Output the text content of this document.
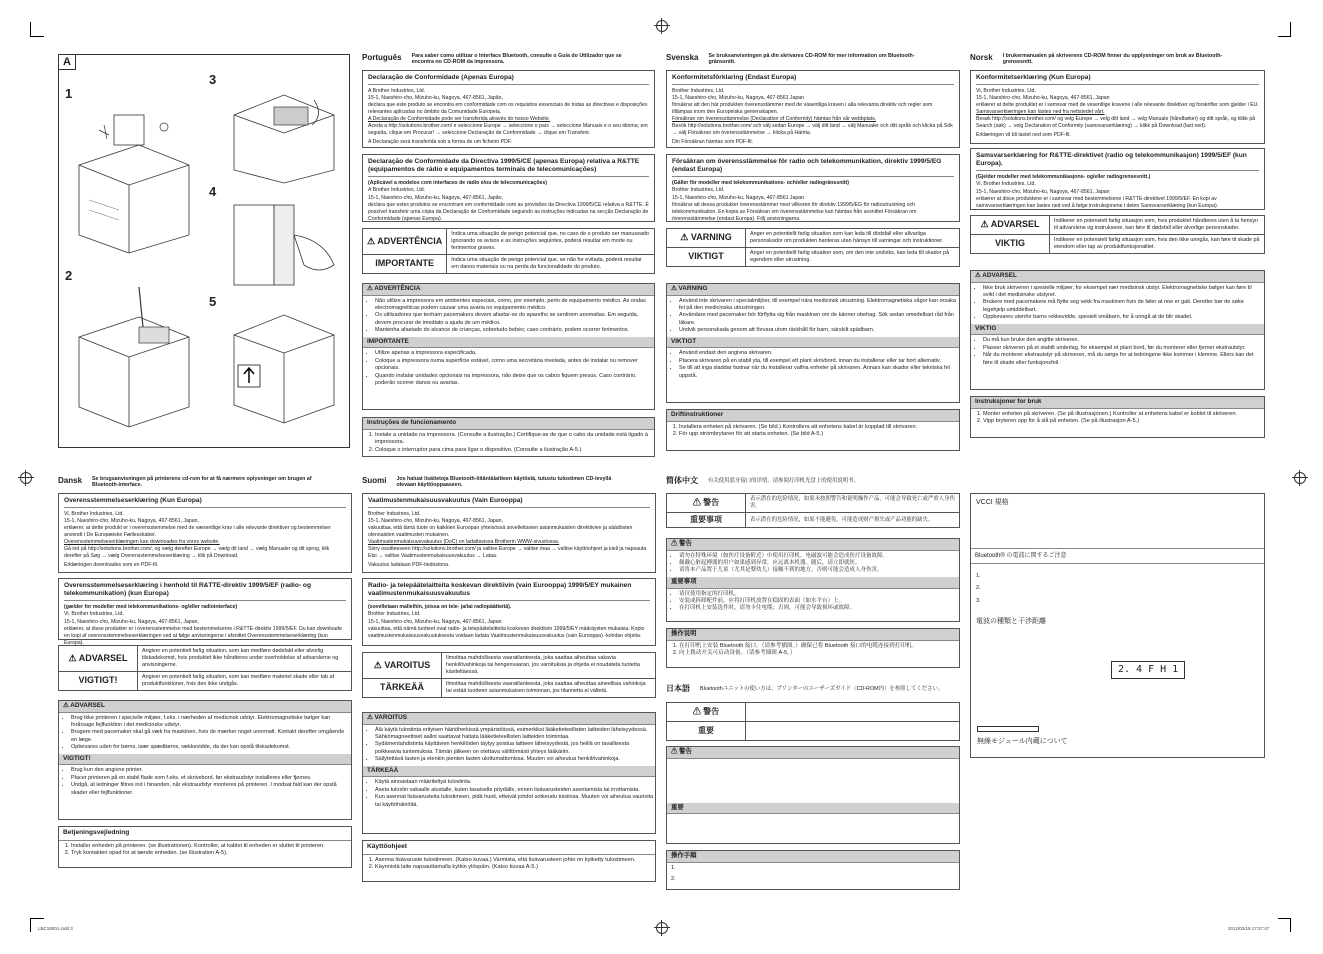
A
1
2
3
4
5
Português Para saber como utilizar o Interface Bluetooth, consulte o Guia do Utilizador que se encontra no CD-ROM da impressora.
Declaração de Conformidade (Apenas Europa)

A Brother Industries, Ltd.

15-1, Naeshiro-cho, Mizuho-ku, Nagoya, 467-8561, Japão,

declara que este produto se encontra em conformidade com os requisitos essenciais de todas as directivas e disposições relevantes aplicadas no âmbito da Comunidade Europeia.

A Declaração de Conformidade pode ser transferida através do nosso Website.

Aceda a http://solutions.brother.com/ e seleccione Europe → seleccione o país → seleccione Manuais e o seu idioma; em seguida, clique em Procurar! → seleccione Declaração de Conformidade → clique em Transferir.

A Declaração será transferida sob a forma de um ficheiro PDF.

Declaração de Conformidade da Directiva 1999/5/CE (apenas Europa) relativa a R&TTE (equipamentos de rádio e equipamentos terminais de telecomunicações)

(Aplicável a modelos com interfaces de rádio e/ou de telecomunicações)

A Brother Industries, Ltd.

15-1, Naeshiro-cho, Mizuho-ku, Nagoya, 467-8561, Japão,

declara que estes produtos se encontram em conformidade com as provisões da Directiva 1999/5/CE relativa a R&TTE. É possível transferir uma cópia da Declaração de Conformidade seguindo as instruções indicadas na secção Declaração de Conformidade (apenas Europa).

⚠ ADVERTÊNCIA	Indica uma situação de perigo potencial que, no caso de o produto ser manuseado ignorando os avisos e as instruções seguintes, poderá resultar em morte ou ferimentos graves.
IMPORTANTE	Indica uma situação de perigo potencial que, se não for evitada, poderá resultar em danos materiais ou na perda da funcionalidade do produto.
⚠ ADVERTÊNCIA
• Não utilize a impressora em ambientes especiais, como, por exemplo, perto de equipamento médico. As ondas electromagnéticas podem causar uma avaria no equipamento médico.
• Os utilizadores que tenham pacemakers devem afastar-se do aparelho se sentirem anomalias. Em seguida, devem procurar de imediato a ajuda de um médico.
• Mantenha afastado do alcance de crianças, sobretudo bebés; caso contrário, podem ocorrer ferimentos.
IMPORTANTE
• Utilize apenas a impressora especificada.
• Coloque a impressora numa superfície estável, como uma secretária nivelada, antes de instalar ou remover opcionais.
• Quando instalar unidades opcionais na impressora, não deixe que os cabos fiquem presos. Caso contrário, poderão ocorrer danos ou avarias.
Instruções de funcionamento
1. Instale a unidade na impressora. (Consulte a ilustração.) Certifique-se de que o cabo da unidade está ligado à impressora.
2. Coloque o interruptor para cima para ligar o dispositivo. (Consulte a ilustração A-5.)
Svenska Se bruksanvisningen på din skrivares CD-ROM för mer information om Bluetooth-gränssnitt.
Konformitetsförklaring (Endast Europa)

Brother Industries, Ltd.

15-1, Naeshiro-cho, Mizuho-ku, Nagoya, 467-8561 Japan

försäkrar att den här produkten överensstämmer med de väsentliga kraven i alla relevanta direktiv och regler som tillämpas inom den Europeiska gemenskapen.

Försäkran om överensstämmelse (Declaration of Conformity) hämtas från vår webbplats.

Besök http://solutions.brother.com/ och välj sedan Europe → välj ditt land → välj Manualer och ditt språk och klicka på Sök → välj Försäkran om överensstämmelse → klicka på Hämta.

Din Försäkran hämtas som PDF-fil.

Försäkran om överensstämmelse för radio och telekommunikation, direktiv 1999/5/EG (endast Europa)

(Gäller för modeller med telekommunikations- och/eller radiogränssnitt)

Brother Industries, Ltd.

15-1, Naeshiro-cho, Mizuho-ku, Nagoya, 467-8561 Japan

försäkrar att dessa produkter överensstämmer med villkoren för direktiv 1999/5/EG för radioutrustning och telekommunikation. En kopia av Försäkran om överensstämmelse kan hämtas från avsnittet Försäkran om överensstämmelse (endast Europa). Följ anvisningarna.

⚠ VARNING	Anger en potentiellt farlig situation som kan leda till dödsfall eller allvarliga personskador om produkten hanteras utan hänsyn till varningar och instruktioner.
VIKTIGT	Anger en potentiellt farlig situation som, om den inte undviks, kan leda till skador på egendom eller utrustning.
⚠ VARNING
• Använd inte skrivaren i specialmiljöer, till exempel nära medicinsk utrustning. Elektromagnetiska vågor kan orsaka fel på den medicinska utrustningen.
• Användare med pacemaker bör förflytta sig från maskinen om de känner obehag. Sök sedan omedelbart råd från läkare.
• Undvik personskada genom att förvara utom räckhåll för barn, särskilt spädbarn.
VIKTIGT
• Använd endast den angivna skrivaren.
• Placera skrivaren på en stabil yta, till exempel ett plant skrivbord, innan du installerar eller tar bort alternativ.
• Se till att inga sladdar fastnar när du installerar valfria enheter på skrivaren. Annars kan skador eller tekniska fel uppstå.
Driftinstruktioner
1. Installera enheten på skrivaren. (Se bild.) Kontrollera att enhetens kabel är kopplad till skrivaren.
2. För upp strömbrytaren för att starta enheten. (Se bild A-5.)
Norsk I brukermanualen på skriverens CD-ROM finner du opplysninger om bruk av Bluetooth-grensesnitt.
Konformitetserklæring (Kun Europa)

Vi, Brother Industries, Ltd.

15-1, Naeshiro-cho, Mizuho-ku, Nagoya, 467-8561, Japan

erklærer at dette produktet er i samsvar med de vesentlige kravene i alle relevante direktiver og forskrifter som gjelder i EU.

Samsvarserklæringen kan lastes ned fra nettstedet vårt.

Besøk http://solutions.brother.com/ og velg Europe → velg ditt land → velg Manuale (håndbøker) og ditt språk, og klikk på Search (søk) → velg Declaration of Conformity (samsvarserklæring) → klikk på Download (last ned).

Erklæringen vil bli lastet ned som PDF-fil.

Samsvarserklæring for R&TTE-direktivet (radio og telekommunikasjon) 1999/5/EF (kun Europa).

(Gjelder modeller med telekommunikasjons- og/eller radiogrensesnitt.)

Vi, Brother Industries, Ltd.

15-1, Naeshiro-cho, Mizuho-ku, Nagoya, 467-8561, Japan

erklærer at disse produktene er i samsvar med bestemmelsene i R&TTE-direktivet 1999/5/EF. En kopi av samsvarserklæringen kan lastes ned ved å følge instruksjonene i delen Samsvarserklæring (kun Europa).

⚠ ADVARSEL	Indikerer en potensielt farlig situasjon som, hvis produktet håndteres uten å ta hensyn til advarslene og instruksene, kan føre til dødsfall eller alvorlige personskader.
VIKTIG	Indikerer en potensielt farlig situasjon som, hvis den ikke unngås, kan føre til skade på eiendom eller tap av produktfunksjonalitet.
⚠ ADVARSEL
• Ikke bruk skriveren i spesielle miljøer, for eksempel nær medisinsk utstyr. Elektromagnetiske bølger kan føre til svikt i det medisinske utstyret.
• Brukere med pacemakere må flytte seg vekk fra maskinen hvis de føler at noe er galt. Deretter bør de søke legehjelp umiddelbart.
• Oppbevares utenfor barns rekkevidde, spesielt småbarn, for å unngå at de blir skadet.
VIKTIG
• Du må kun bruke den angitte skriveren.
• Plasser skriveren på et stabilt underlag, for eksempel et plant bord, før du monterer eller fjerner ekstrautstyr.
• Når du monterer ekstrautstyr på skriveren, må du sørge for at ledningene ikke kommer i klemme. Ellers kan det føre til skade eller funksjonsfeil.
Instruksjoner for bruk
1. Monter enheten på skriveren. (Se på illustrasjonen.) Kontroller at enhetens kabel er koblet til skriveren.
2. Vipp bryteren opp for å slå på enheten. (Se på illustrasjon A-5.)
Dansk Se brugsanvisningen på printerens cd-rom for at få nærmere oplysninger om brugen af Bluetooth-interface.
Overensstemmelseserklæring (Kun Europa)

Vi, Brother Industries, Ltd.

15-1, Naeshiro-cho, Mizuho-ku, Nagoya, 467-8561, Japan,

erklærer, at dette produkt er i overensstemmelse med de væsentlige krav i alle relevante direktiver og bestemmelser anvendt i De Europæiske Fællesskaber.

Overensstemmelseserklæringen kan downloades fra vores website.

Gå ind på http://solutions.brother.com/, og vælg derefter Europe → vælg dit land → vælg Manualer og dit sprog, klik derefter på Søg → vælg Overensstemmelseserklæring → klik på Download.

Erklæringen downloades som en PDF-fil.

Overensstemmelseserklæring i henhold til R&TTE-direktiv 1999/5/EF (radio- og telekommunikation) (kun Europa)

(gælder for modeller med telekommunikations- og/eller radiointerface)

Vi, Brother Industries, Ltd.

15-1, Naeshiro-cho, Mizuho-ku, Nagoya, 467-8561, Japan,

erklærer, at disse produkter er i overensstemmelse med bestemmelserne i R&TTE-direktiv 1999/5/EF. Du kan downloade en kopi af overensstemmelseserklæringen ved at følge anvisningerne i afsnittet Overensstemmelseserklæring (kun Europa).

⚠ ADVARSEL	Angiver en potentielt farlig situation, som kan medføre dødsfald eller alvorlig tilskadekomst, hvis produktet ikke håndteres under overholdelse af advarslerne og anvisningerne.
VIGTIGT!	Angiver en potentielt farlig situation, som kan medføre materiel skade eller tab af produktfunktioner, hvis den ikke undgås.
⚠ ADVARSEL
• Brug ikke printeren i specielle miljøer, f.eks. i nærheden af medicinsk udstyr. Elektromagnetiske bølger kan forårsage fejlfunktion i det medicinske udstyr.
• Brugere med pacemaker skal gå væk fra maskinen, hvis de mærker noget unormalt. Kontakt derefter omgående en læge.
• Opbevares uden for børns, især spædbørns, rækkevidde, da der kan opstå tilskadekomst.
VIGTIGT!
• Brug kun den angivne printer.
• Placer printeren på en stabil flade som f.eks. et skrivebord, før ekstraudstyr installeres eller fjernes.
• Undgå, at ledninger filtres ind i hinanden, når ekstraudstyr monteres på printeren. I modsat fald kan der opstå skader eller fejlfunktioner.
Betjeningsvejledning
1. Installer enheden på printeren. (se illustrationen). Kontroller, at kablet til enheden er sluttet til printeren.
2. Tryk kontakten opad for at tænde enheden. (se illustration A-5).
Suomi Jos haluat lisätietoja Bluetooth-liitäntälaitteen käytöstä, tutustu tulostimen CD-levyllä olevaan käyttöoppaaseen.
Vaatimustenmukaisuusvakuutus (Vain Eurooppa)

Brother Industries, Ltd.

15-1, Naeshiro-cho, Mizuho-ku, Nagoya, 467-8561, Japan,

vakuuttaa, että tämä tuote on kaikkien Euroopan yhteisössä sovellettavien asianmukaisten direktiivien ja säädösten olennaisten vaatimusten mukainen.

Vaatimustenmukaisuusvakuutus (DoC) on ladattavissa Brotherin WWW-sivustossa.

Siirry osoitteeseen http://solutions.brother.com/ ja valitse Europe → valitse maa → valitse käyttöohjeet ja kieli ja napsauta Etsi → valitse Vaatimustenmukaisuusvakuutus → Lataa.

Vakuutus ladataan PDF-tiedostona.

Radio- ja telepäätelaitteita koskevan direktiivin (vain Eurooppa) 1999/5/EY mukainen vaatimustenmukaisuusvakuutus

(sovelletaan malleihin, joissa on tele- ja/tai radiopäätteitä).

Brother Industries, Ltd.

15-1, Naeshiro-cho, Mizuho-ku, Nagoya, 467-8561, Japan

vakuuttaa, että nämä tuotteet ovat radio- ja telepäätelaitteita koskevan direktiivin 1999/5/EY määräysten mukaisia. Kopio vaatimustenmukaisuusvakuutuksesta voidaan ladata Vaatimustenmukaisuusvakuutus (vain Eurooppa) -kohdan ohjeita.

⚠ VAROITUS	Ilmoittaa mahdollisesta vaaratilanteesta, joka saattaa aiheuttaa vakavia henkilövahinkoja tai hengenvaaran, jos varoituksia ja ohjeita ei noudateta tuotetta käsiteltäessä.
TÄRKEÄÄ	Ilmoittaa mahdollisesta vaaratilanteesta, joka saattaa aiheuttaa aineellisia vahinkoja tai estää tuotteen asianmukaisen toiminnan, jos tilannetta ei vältetä.
⚠ VAROITUS
• Älä käytä tulostinta erityisen häiriöherkissä ympäristöissä, esimerkiksi lääketieteellisten laitteiden läheisyydessä. Sähkömagneettiset aallot saattavat haitata lääketieteellisten laitteiden toimintaa.
• Sydämentahdistinta käyttävien henkilöiden täytyy poistua laitteen läheisyydestä, jos heillä on tavallisesta poikkeavia tuntemuksia. Tämän jälkeen on otettava välittömästi yhteys lääkäriin.
• Säilytettävä lasten ja etenkin pienten lasten ulottumattomissa. Muuten voi aiheutua henkilövahinkoja.
TÄRKEÄÄ
• Käytä ainoastaan määritettyä tulostinta.
• Aseta tulostin vakaalle alustalle, kuten tasaiselle pöydälle, ennen lisävarusteiden asentamista tai irrottamista.
• Kun asennat lisävarusteita tulostimeen, pidä huoli, etteivät johdot sotkeudu toisiinsa. Muuten voi aiheutua vaurioita tai käyttöhäiriöitä.
Käyttöohjeet
1. Asenna lisävaruste tulostimeen. (Katso kuvaa.) Varmista, että lisävarusteen johto on kytketty tulostimeen.
2. Käynnistä laite napsauttamalla kytkin ylöspäin. (Katso kuvaa A-5.)
简体中文 有关使用蓝牙接口的详情，请参阅打印机光盘上的使用说明书。
⚠ 警告	表示潜在的危险情况，如果未按照警告和说明操作产品，可能会导致死亡或严重人身伤害。
重要事项	表示潜在的危险情况，如果不能避免，可能造成财产损失或产品功能的缺失。
⚠ 警告
• 请勿在特殊环境（如医疗设备附近）中使用打印机。电磁波可能会造成医疗设备故障。
• 佩戴心脏起搏器的用户如果感到异常，应远离本机器。随后，请立即就医。
• 请将本产品置于儿童（尤其是婴幼儿）接触不到的地方，否则可能会造成人身伤害。
重要事项
• 请仅使用指定的打印机。
• 安装或拆卸配件前，应将打印机放置在稳固的表面（如水平台）上。
• 在打印机上安装选件时，请勿卡住电缆；否则，可能会导致损坏或故障。
操作说明
1. 在打印机上安装 Bluetooth 接口。（请参考插图。）确保已将 Bluetooth 接口的电缆连接到打印机。
2. 向上拨动开关可启动设备。（请参考插图 A-5。）
日本語 Bluetoothユニットの使い方は、プリンターのユーザーズガイド（CD-ROM内）を参照してください。
⚠ 警告	
重要	
⚠ 警告
重要
操作手順
1.
2.
VCCI 規格
Bluetooth® の電波に関するご注意
1.
2.
3.
電波の種類と干渉距離
2. 4 F H 1
無線モジュール内蔵について
LBC18001.indd 3	2012/02/19 17:37:47
